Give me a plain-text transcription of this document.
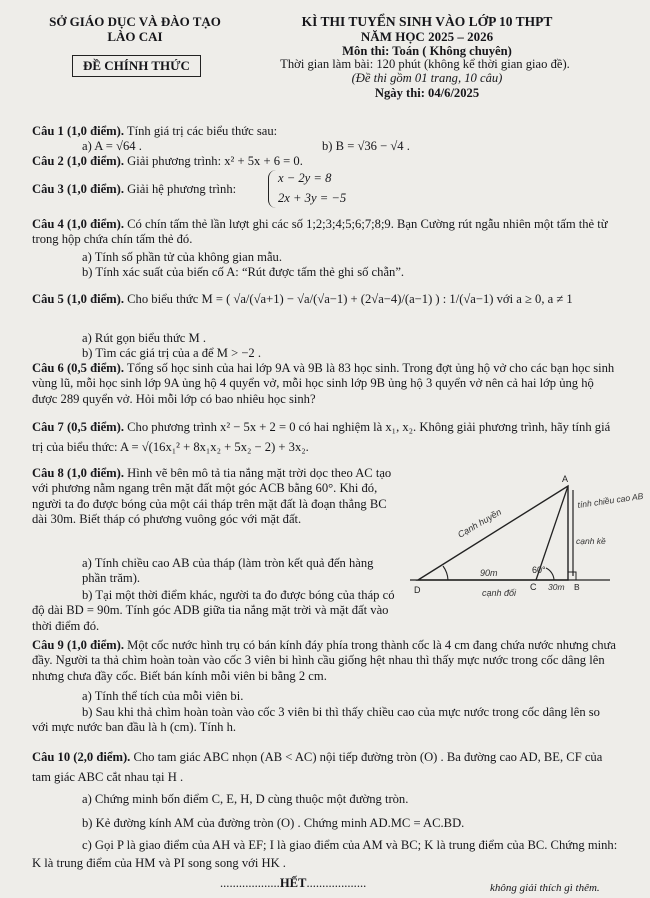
SỞ GIÁO DỤC VÀ ĐÀO TẠO
LÀO CAI
ĐỀ CHÍNH THỨC
KÌ THI TUYỂN SINH VÀO LỚP 10 THPT
NĂM HỌC 2025 – 2026
Môn thi: Toán ( Không chuyên)
Thời gian làm bài: 120 phút (không kể thời gian giao đề).
(Đề thi gồm 01 trang, 10 câu)
Ngày thi: 04/6/2025
Câu 1 (1,0 điểm). Tính giá trị các biểu thức sau:
a) A = √64 .	b) B = √36 − √4 .
Câu 2 (1,0 điểm). Giải phương trình: x² + 5x + 6 = 0.
Câu 3 (1,0 điểm). Giải hệ phương trình:
x − 2y = 8
2x + 3y = −5
Câu 4 (1,0 điểm). Có chín tấm thẻ lần lượt ghi các số 1;2;3;4;5;6;7;8;9. Bạn Cường rút ngẫu nhiên một tấm thẻ từ trong hộp chứa chín tấm thẻ đó.
a) Tính số phần tử của không gian mẫu.
b) Tính xác suất của biến cố A: “Rút được tấm thẻ ghi số chẵn”.
Câu 5 (1,0 điểm). Cho biểu thức M = ( √a/(√a+1) − √a/(√a−1) + (2√a−4)/(a−1) ) : 1/(√a−1) với a ≥ 0, a ≠ 1
a) Rút gọn biểu thức M .
b) Tìm các giá trị của a để M > −2 .
Câu 6 (0,5 điểm). Tổng số học sinh của hai lớp 9A và 9B là 83 học sinh. Trong đợt ủng hộ vở cho các bạn học sinh vùng lũ, mỗi học sinh lớp 9A ủng hộ 4 quyển vở, mỗi học sinh lớp 9B ủng hộ 3 quyển vở nên cả hai lớp ủng hộ được 289 quyển vở. Hỏi mỗi lớp có bao nhiêu học sinh?
Câu 7 (0,5 điểm). Cho phương trình x² − 5x + 2 = 0 có hai nghiệm là x₁, x₂. Không giải phương trình, hãy tính giá trị của biểu thức: A = √(16x₁² + 8x₁x₂ + 5x₂ − 2) + 3x₂.
Câu 8 (1,0 điểm). Hình vẽ bên mô tả tia nắng mặt trời dọc theo AC tạo với phương nằm ngang trên mặt đất một góc ACB bằng 60°. Khi đó, người ta đo được bóng của một cái tháp trên mặt đất là đoạn thẳng BC dài 30m. Biết tháp có phương vuông góc với mặt đất.
a) Tính chiều cao AB của tháp (làm tròn kết quả đến hàng phần trăm).
b) Tại một thời điểm khác, người ta đo được bóng của tháp có độ dài BD = 90m. Tính góc ADB giữa tia nắng mặt trời và mặt đất vào thời điểm đó.
A
D	C	B
60°
tính chiều cao AB
Cạnh huyền
cạnh kề
90m
cạnh đối
30m
Câu 9 (1,0 điểm). Một cốc nước hình trụ có bán kính đáy phía trong thành cốc là 4 cm đang chứa nước nhưng chưa đầy. Người ta thả chìm hoàn toàn vào cốc 3 viên bi hình cầu giống hệt nhau thì thấy mực nước trong cốc dâng lên nhưng chưa đầy cốc. Biết bán kính mỗi viên bi bằng 2 cm.
a) Tính thể tích của mỗi viên bi.
b) Sau khi thả chìm hoàn toàn vào cốc 3 viên bi thì thấy chiều cao của mực nước trong cốc dâng lên so với mực nước ban đầu là h (cm). Tính h.
Câu 10 (2,0 điểm). Cho tam giác ABC nhọn (AB < AC) nội tiếp đường tròn (O) . Ba đường cao AD, BE, CF của tam giác ABC cắt nhau tại H .
a) Chứng minh bốn điểm C, E, H, D cùng thuộc một đường tròn.
b) Kẻ đường kính AM của đường tròn (O) . Chứng minh AD.MC = AC.BD.
c) Gọi P là giao điểm của AH và EF; I là giao điểm của AM và BC; K là trung điểm của BC. Chứng minh: K là trung điểm của HM và PI song song với HK .
...................HẾT...................	không giải thích gì thêm.
